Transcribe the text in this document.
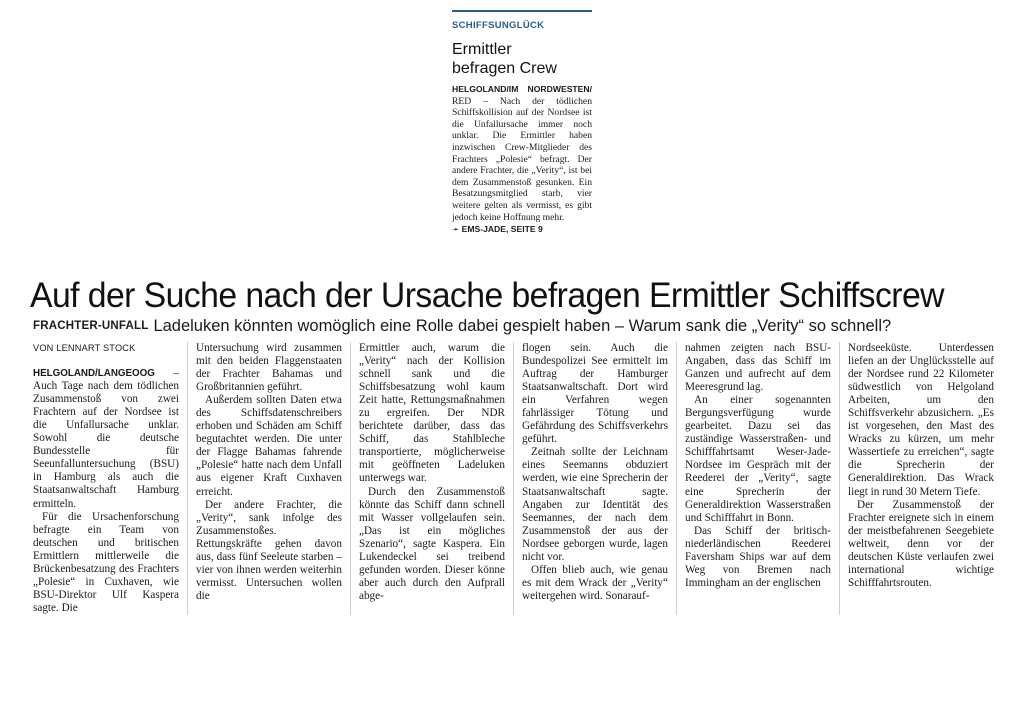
SCHIFFSUNGLÜCK
Ermittler
befragen Crew
HELGOLAND/IM NORDWESTEN/ RED – Nach der tödlichen Schiffskollision auf der Nordsee ist die Unfallursache immer noch unklar. Die Ermittler haben inzwischen Crew-Mitglieder des Frachters „Polesie“ befragt. Der andere Frachter, die „Verity“, ist bei dem Zusammenstoß gesunken. Ein Besatzungsmitglied starb, vier weitere gelten als vermisst, es gibt jedoch keine Hoffnung mehr.
➛ EMS-JADE, SEITE 9
Auf der Suche nach der Ursache befragen Ermittler Schiffscrew
FRACHTER-UNFALL Ladeluken könnten womöglich eine Rolle dabei gespielt haben – Warum sank die „Verity“ so schnell?
VON LENNART STOCK

HELGOLAND/LANGEOOG – Auch Tage nach dem tödlichen Zusammenstoß von zwei Frachtern auf der Nordsee ist die Unfallursache unklar. Sowohl die deutsche Bundesstelle für Seeunfalluntersuchung (BSU) in Hamburg als auch die Staatsanwaltschaft Hamburg ermitteln.

Für die Ursachenforschung befragte ein Team von deutschen und britischen Ermittlern mittlerweile die Brückenbesatzung des Frachters „Polesie“ in Cuxhaven, wie BSU-Direktor Ulf Kaspera sagte. Die

Untersuchung wird zusammen mit den beiden Flaggenstaaten der Frachter Bahamas und Großbritannien geführt.

Außerdem sollten Daten etwa des Schiffsdatenschreibers erhoben und Schäden am Schiff begutachtet werden. Die unter der Flagge Bahamas fahrende „Polesie“ hatte nach dem Unfall aus eigener Kraft Cuxhaven erreicht.

Der andere Frachter, die „Verity“, sank infolge des Zusammenstoßes. Rettungskräfte gehen davon aus, dass fünf Seeleute starben – vier von ihnen werden weiterhin vermisst. Untersuchen wollen die

Ermittler auch, warum die „Verity“ nach der Kollision schnell sank und die Schiffsbesatzung wohl kaum Zeit hatte, Rettungsmaßnahmen zu ergreifen. Der NDR berichtete darüber, dass das Schiff, das Stahlbleche transportierte, möglicherweise mit geöffneten Ladeluken unterwegs war.

Durch den Zusammenstoß könnte das Schiff dann schnell mit Wasser vollgelaufen sein. „Das ist ein mögliches Szenario“, sagte Kaspera. Ein Lukendeckel sei treibend gefunden worden. Dieser könne aber auch durch den Aufprall abge-

flogen sein. Auch die Bundespolizei See ermittelt im Auftrag der Hamburger Staatsanwaltschaft. Dort wird ein Verfahren wegen fahrlässiger Tötung und Gefährdung des Schiffsverkehrs geführt.

Zeitnah sollte der Leichnam eines Seemanns obduziert werden, wie eine Sprecherin der Staatsanwaltschaft sagte. Angaben zur Identität des Seemannes, der nach dem Zusammenstoß der aus der Nordsee geborgen wurde, lagen nicht vor.

Offen blieb auch, wie genau es mit dem Wrack der „Verity“ weitergehen wird. Sonarauf-

nahmen zeigten nach BSU-Angaben, dass das Schiff im Ganzen und aufrecht auf dem Meeresgrund lag.

An einer sogenannten Bergungsverfügung wurde gearbeitet. Dazu sei das zuständige Wasserstraßen- und Schifffahrtsamt Weser-Jade-Nordsee im Gespräch mit der Reederei der „Verity“, sagte eine Sprecherin der Generaldirektion Wasserstraßen und Schifffahrt in Bonn.

Das Schiff der britisch-niederländischen Reederei Faversham Ships war auf dem Weg von Bremen nach Immingham an der englischen

Nordseeküste. Unterdessen liefen an der Unglücksstelle auf der Nordsee rund 22 Kilometer südwestlich von Helgoland Arbeiten, um den Schiffsverkehr abzusichern. „Es ist vorgesehen, den Mast des Wracks zu kürzen, um mehr Wassertiefe zu erreichen“, sagte die Sprecherin der Generaldirektion. Das Wrack liegt in rund 30 Metern Tiefe.

Der Zusammenstoß der Frachter ereignete sich in einem der meistbefahrenen Seegebiete weltweit, denn vor der deutschen Küste verlaufen zwei international wichtige Schifffahrtsrouten.
